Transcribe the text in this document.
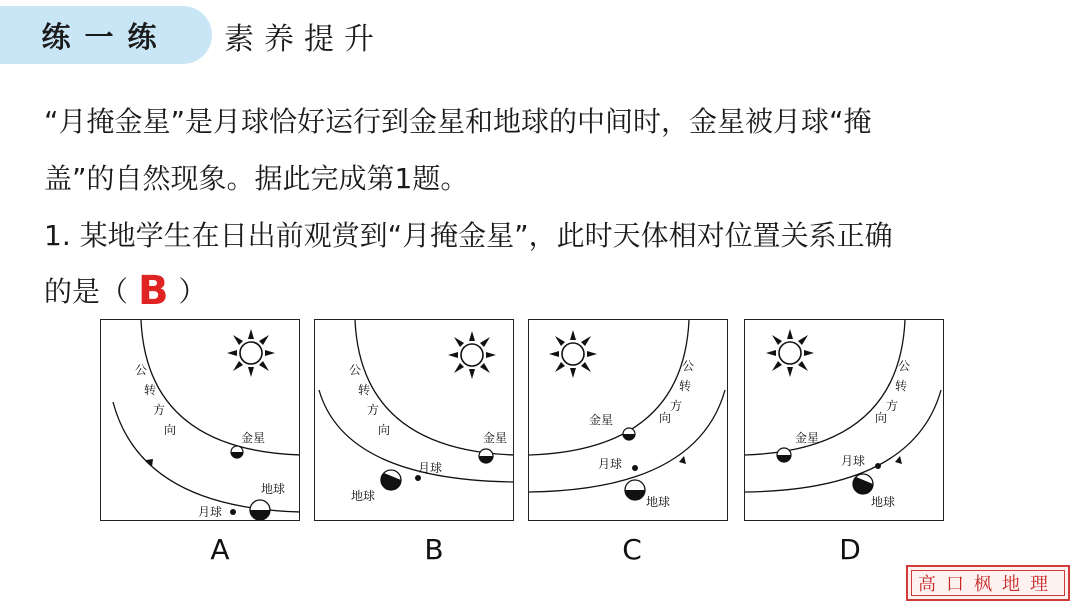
练一练	素养提升
“月掩金星”是月球恰好运行到金星和地球的中间时，金星被月球“掩
盖”的自然现象。据此完成第1题。
1. 某地学生在日出前观赏到“月掩金星”，此时天体相对位置关系正确
的是（ B ）
公
转
方
向
金星
地球
月球
公
转
方
向
金星
月球
地球
公
转
方
向
金星
月球
地球
公
转
方
向
金星
月球
地球
A	B	C	D
高口枫地理
